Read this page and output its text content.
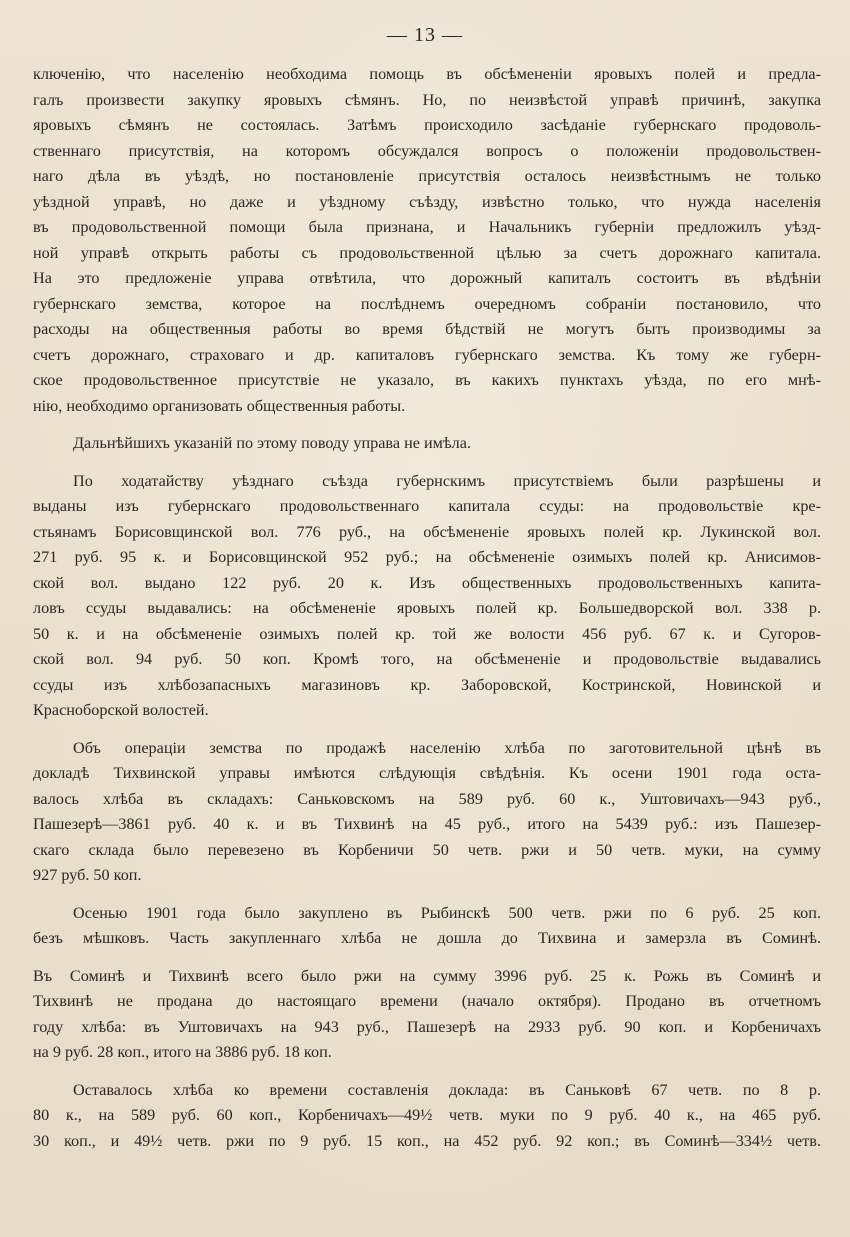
— 13 —
ключенію, что населенію необходима помощь въ обсѣмененіи яровыхъ полей и предла-
галъ произвести закупку яровыхъ сѣмянъ. Но, по неизвѣстой управѣ причинѣ, закупка
яровыхъ сѣмянъ не состоялась. Затѣмъ происходило засѣданіе губернскаго продоволь-
ственнаго присутствія, на которомъ обсуждался вопросъ о положеніи продовольствен-
наго дѣла въ уѣздѣ, но постановленіе присутствія осталось неизвѣстнымъ не только
уѣздной управѣ, но даже и уѣздному съѣзду, извѣстно только, что нужда населенія
въ продовольственной помощи была признана, и Начальникъ губерніи предложилъ уѣзд-
ной управѣ открыть работы съ продовольственной цѣлью за счетъ дорожнаго капитала.
На это предложеніе управа отвѣтила, что дорожный капиталъ состоитъ въ вѣдѣніи
губернскаго земства, которое на послѣднемъ очередномъ собраніи постановило, что
расходы на общественныя работы во время бѣдствій не могутъ быть производимы за
счетъ дорожнаго, страховаго и др. капиталовъ губернскаго земства. Къ тому же губерн-
ское продовольственное присутствіе не указало, въ какихъ пунктахъ уѣзда, по его мнѣ-
нію, необходимо организовать общественныя работы.
Дальнѣйшихъ указаній по этому поводу управа не имѣла.
По ходатайству уѣзднаго съѣзда губернскимъ присутствіемъ были разрѣшены и
выданы изъ губернскаго продовольственнаго капитала ссуды: на продовольствіе кре-
стьянамъ Борисовщинской вол. 776 руб., на обсѣмененіе яровыхъ полей кр. Лукинской вол.
271 руб. 95 к. и Борисовщинской 952 руб.; на обсѣмененіе озимыхъ полей кр. Анисимов-
ской вол. выдано 122 руб. 20 к. Изъ общественныхъ продовольственныхъ капита-
ловъ ссуды выдавались: на обсѣмененіе яровыхъ полей кр. Большедворской вол. 338 р.
50 к. и на обсѣмененіе озимыхъ полей кр. той же волости 456 руб. 67 к. и Сугоров-
ской вол. 94 руб. 50 коп. Кромѣ того, на обсѣмененіе и продовольствіе выдавались
ссуды изъ хлѣбозапасныхъ магазиновъ кр. Заборовской, Костринской, Новинской и
Красноборской волостей.
Объ операціи земства по продажѣ населенію хлѣба по заготовительной цѣнѣ въ
докладѣ Тихвинской управы имѣются слѣдующія свѣдѣнія. Къ осени 1901 года оста-
валось хлѣба въ складахъ: Саньковскомъ на 589 руб. 60 к., Уштовичахъ—943 руб.,
Пашезерѣ—3861 руб. 40 к. и въ Тихвинѣ на 45 руб., итого на 5439 руб.: изъ Пашезер-
скаго склада было перевезено въ Корбеничи 50 четв. ржи и 50 четв. муки, на сумму
927 руб. 50 коп.
Осенью 1901 года было закуплено въ Рыбинскѣ 500 четв. ржи по 6 руб. 25 коп.
безъ мѣшковъ. Часть закупленнаго хлѣба не дошла до Тихвина и замерзла въ Соминѣ.
Въ Соминѣ и Тихвинѣ всего было ржи на сумму 3996 руб. 25 к. Рожь въ Соминѣ и
Тихвинѣ не продана до настоящаго времени (начало октября). Продано въ отчетномъ
году хлѣба: въ Уштовичахъ на 943 руб., Пашезерѣ на 2933 руб. 90 коп. и Корбеничахъ
на 9 руб. 28 коп., итого на 3886 руб. 18 коп.
Оставалось хлѣба ко времени составленія доклада: въ Саньковѣ 67 четв. по 8 р.
80 к., на 589 руб. 60 коп., Корбеничахъ—49½ четв. муки по 9 руб. 40 к., на 465 руб.
30 коп., и 49½ четв. ржи по 9 руб. 15 коп., на 452 руб. 92 коп.; въ Соминѣ—334½ четв.
